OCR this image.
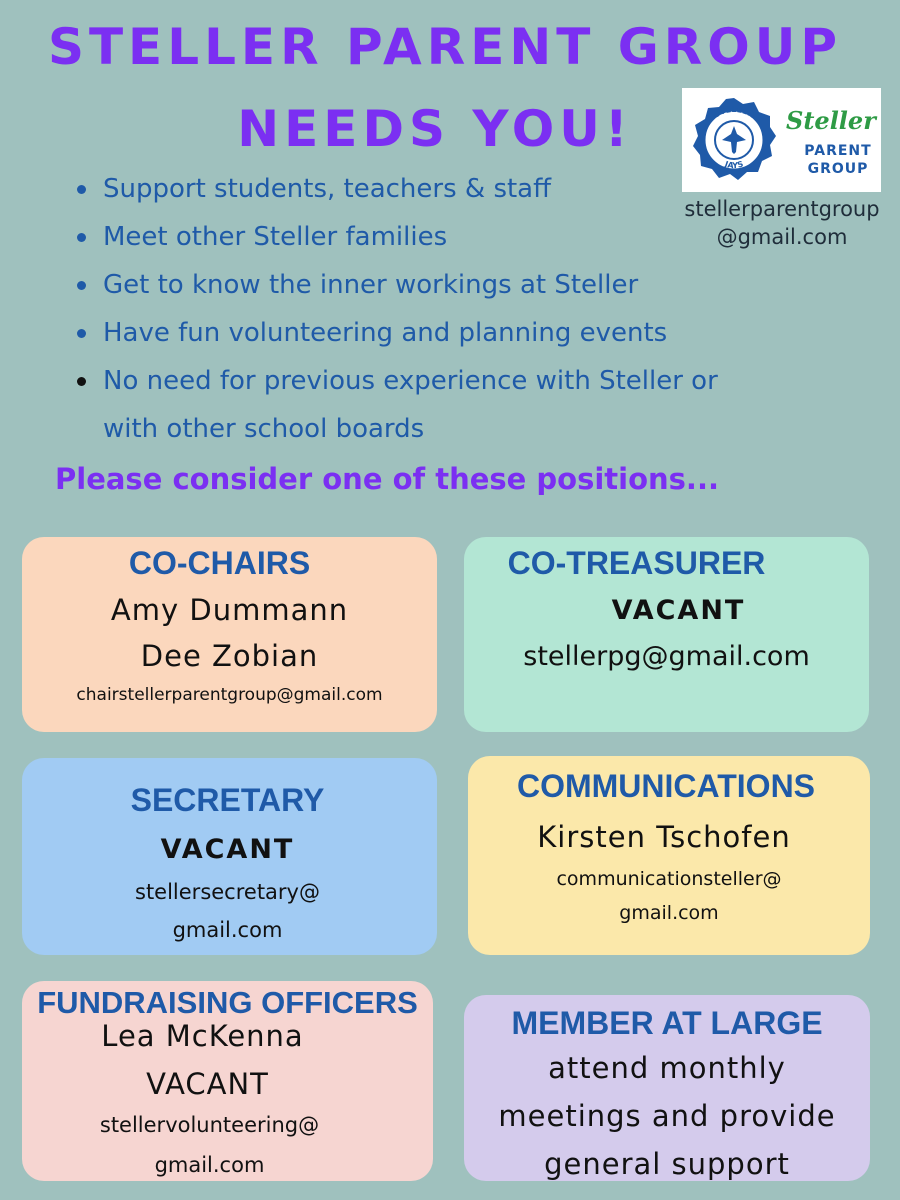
STELLER PARENT GROUP
NEEDS YOU!	STELLER
JAYS
Steller
PARENT
GROUP
stellerparentgroup
@gmail.com
Support students, teachers & staff
Meet other Steller families
Get to know the inner workings at Steller
Have fun volunteering and planning events
No need for previous experience with Steller or
with other school boards
Please consider one of these positions...
CO-CHAIRS
Amy Dummann
Dee Zobian
chairstellerparentgroup@gmail.com
CO-TREASURER
VACANT
stellerpg@gmail.com
SECRETARY
VACANT
stellersecretary@
gmail.com
COMMUNICATIONS
Kirsten Tschofen
communicationsteller@
gmail.com
FUNDRAISING OFFICERS
Lea McKenna
VACANT
stellervolunteering@
gmail.com
MEMBER AT LARGE
attend monthly
meetings and provide
general support
